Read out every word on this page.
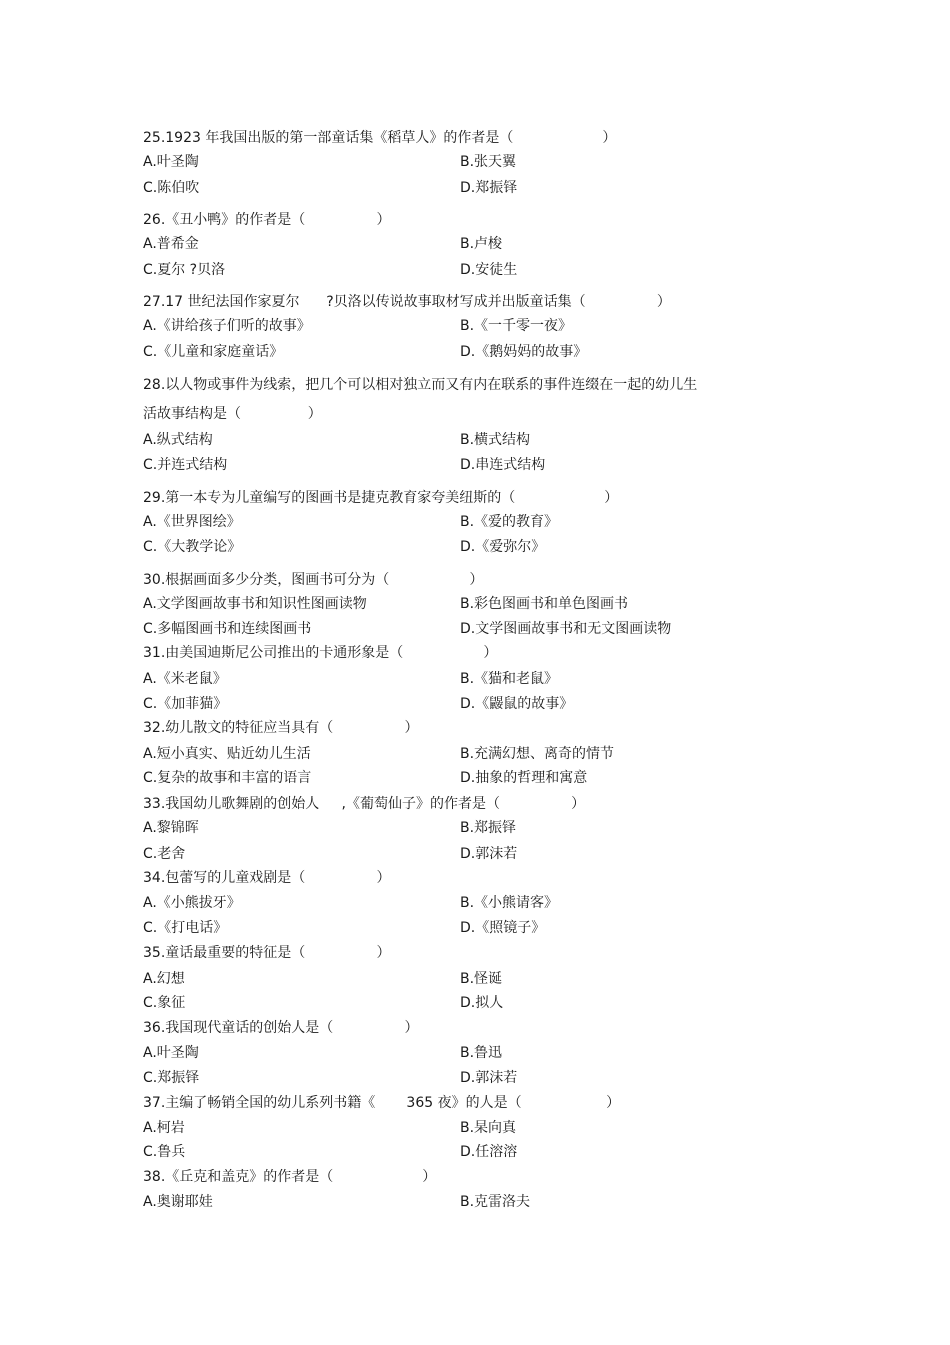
25.1923 年我国出版的第一部童话集《稻草人》的作者是（                    ）
A.叶圣陶	B.张天翼
C.陈伯吹	D.郑振铎
26.《丑小鸭》的作者是（                ）
A.普希金	B.卢梭
C.夏尔 ?贝洛	D.安徒生
27.17 世纪法国作家夏尔      ?贝洛以传说故事取材写成并出版童话集（                ）
A.《讲给孩子们听的故事》	B.《一千零一夜》
C.《儿童和家庭童话》	D.《鹅妈妈的故事》
28.以人物或事件为线索，把几个可以相对独立而又有内在联系的事件连缀在一起的幼儿生
活故事结构是（               ）
A.纵式结构	B.横式结构
C.并连式结构	D.串连式结构
29.第一本专为儿童编写的图画书是捷克教育家夸美纽斯的（                    ）
A.《世界图绘》	B.《爱的教育》
C.《大教学论》	D.《爱弥尔》
30.根据画面多少分类，图画书可分为（                  ）
A.文学图画故事书和知识性图画读物	B.彩色图画书和单色图画书
C.多幅图画书和连续图画书	D.文学图画故事书和无文图画读物
31.由美国迪斯尼公司推出的卡通形象是（                  ）
A.《米老鼠》	B.《猫和老鼠》
C.《加菲猫》	D.《鼹鼠的故事》
32.幼儿散文的特征应当具有（                ）
A.短小真实、贴近幼儿生活	B.充满幻想、离奇的情节
C.复杂的故事和丰富的语言	D.抽象的哲理和寓意
33.我国幼儿歌舞剧的创始人     ,《葡萄仙子》的作者是（                ）
A.黎锦晖	B.郑振铎
C.老舍	D.郭沫若
34.包蕾写的儿童戏剧是（                ）
A.《小熊拔牙》	B.《小熊请客》
C.《打电话》	D.《照镜子》
35.童话最重要的特征是（                ）
A.幻想	B.怪诞
C.象征	D.拟人
36.我国现代童话的创始人是（                ）
A.叶圣陶	B.鲁迅
C.郑振铎	D.郭沫若
37.主编了畅销全国的幼儿系列书籍《       365 夜》的人是（                   ）
A.柯岩	B.杲向真
C.鲁兵	D.任溶溶
38.《丘克和盖克》的作者是（                    ）
A.奥谢耶娃	B.克雷洛夫
